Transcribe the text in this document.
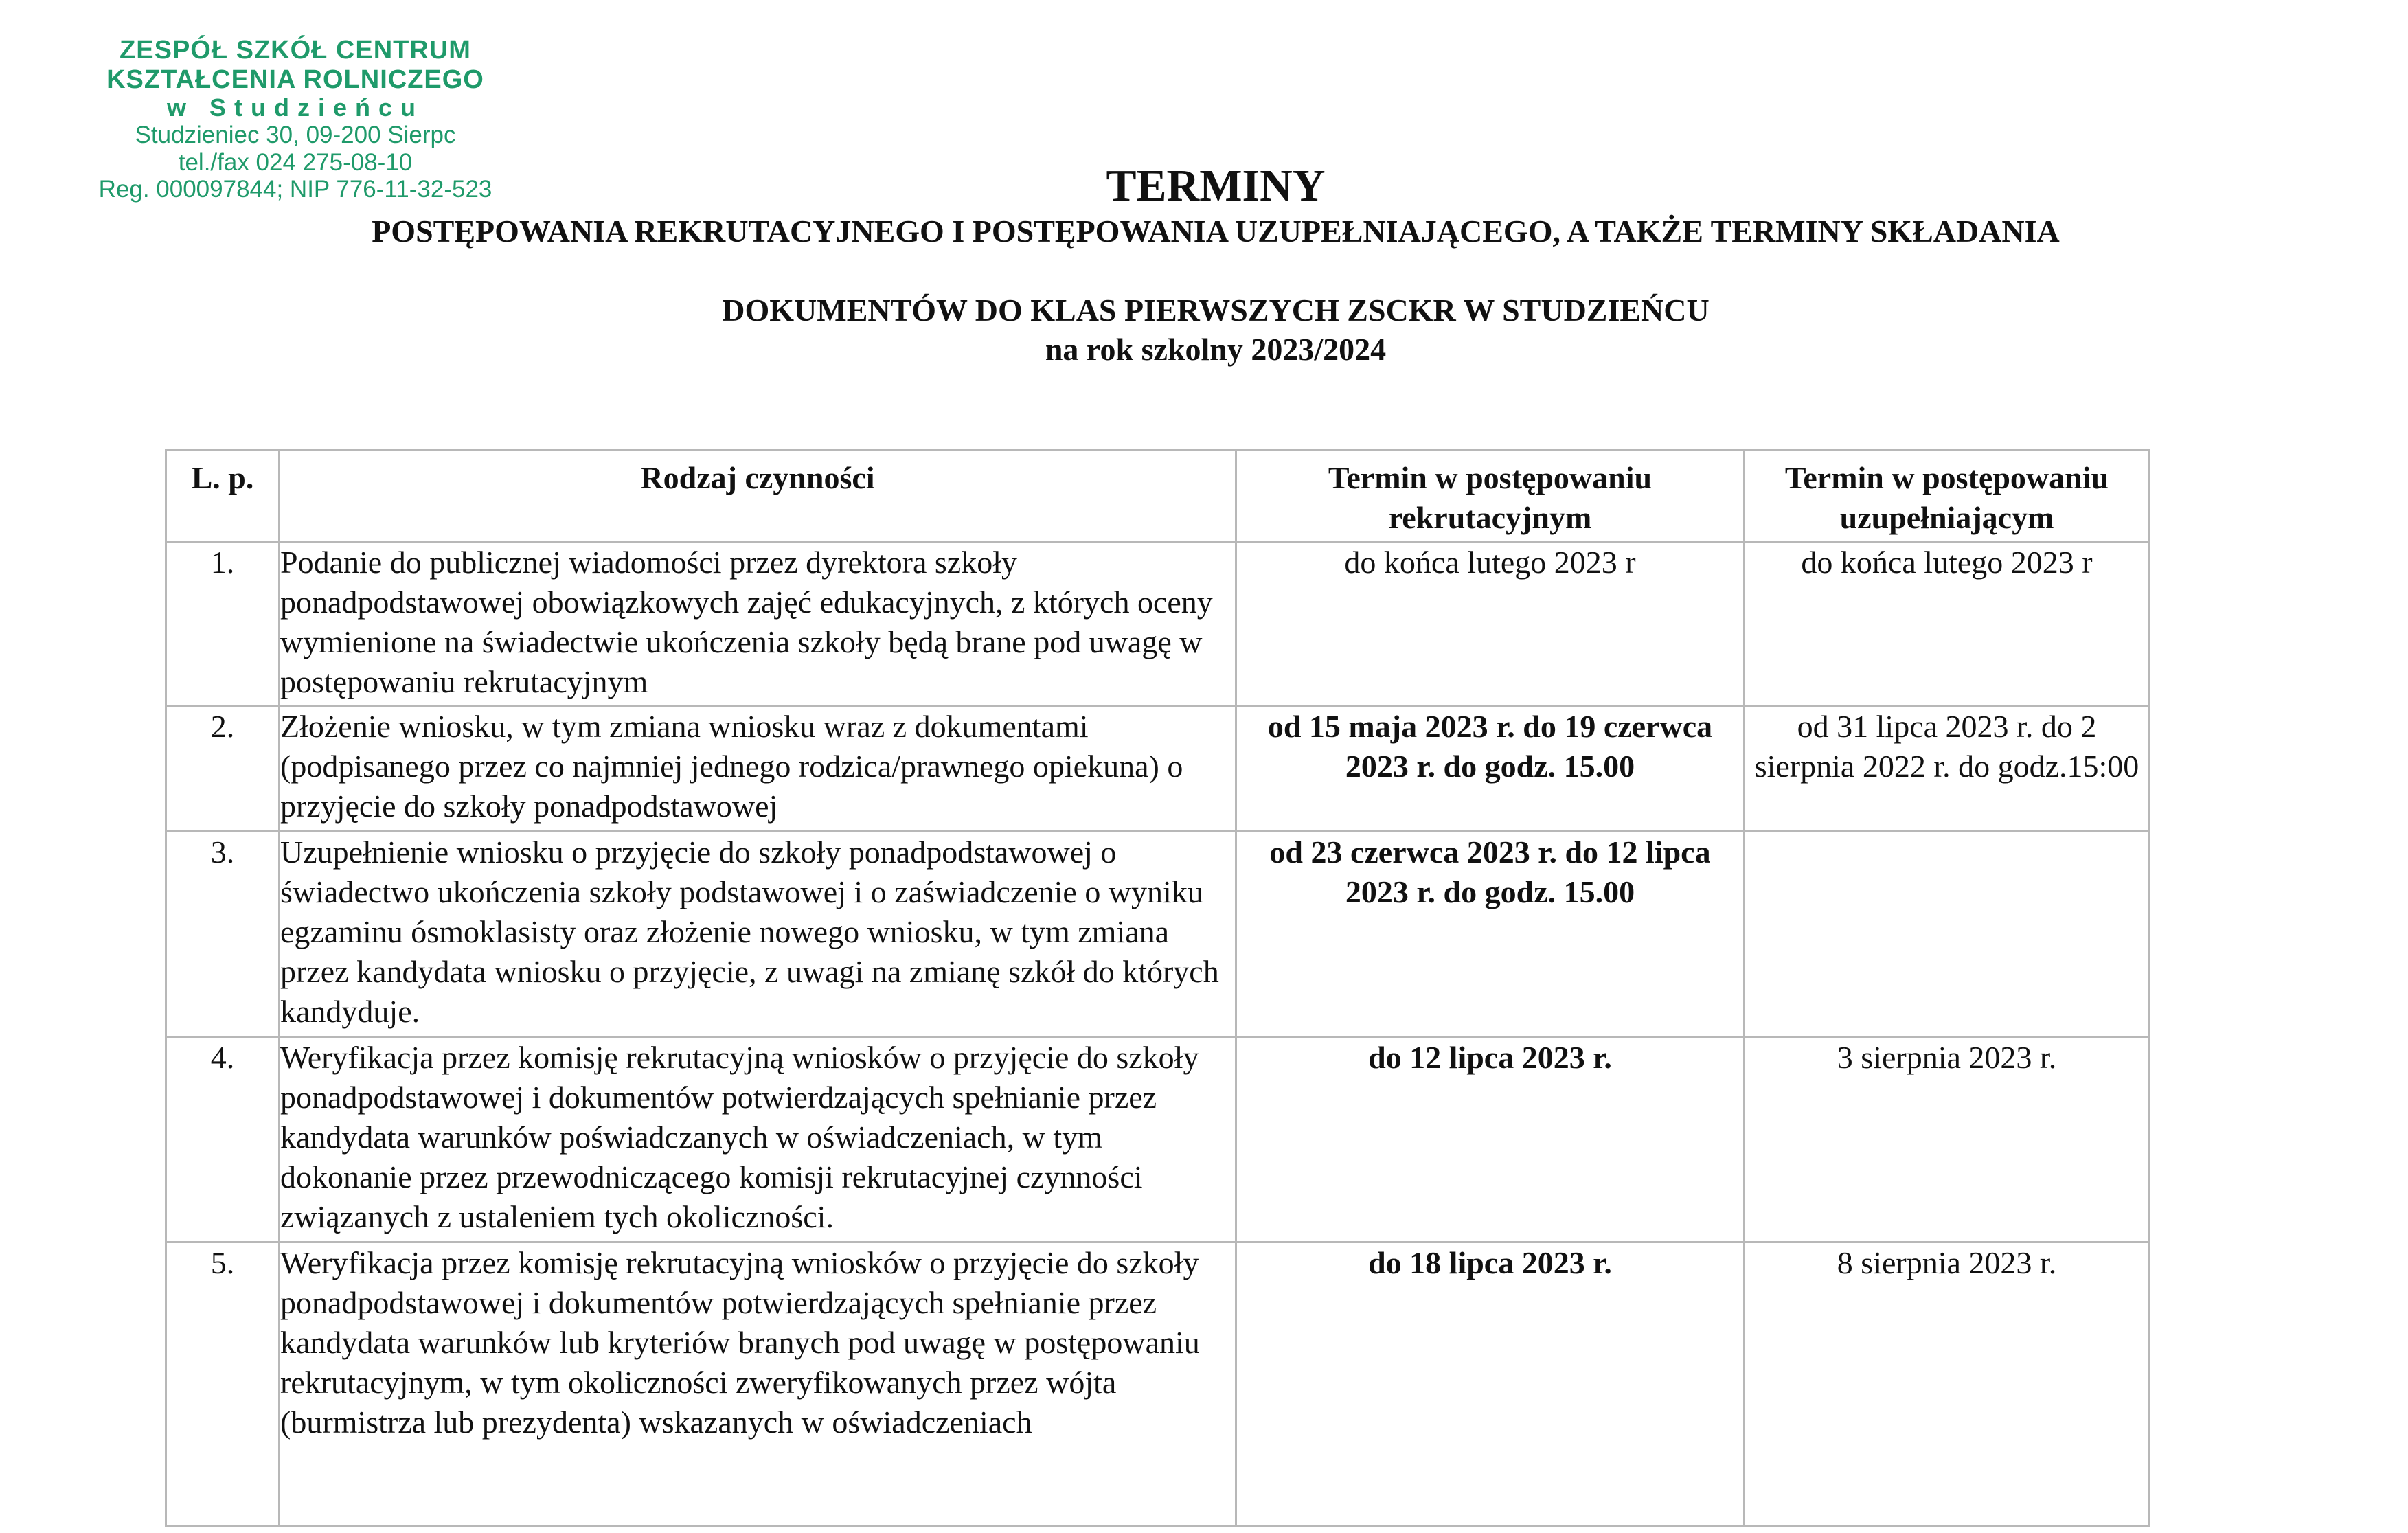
ZESPÓŁ SZKÓŁ CENTRUM
KSZTAŁCENIA ROLNICZEGO
w Studzieńcu
Studzieniec 30, 09-200 Sierpc
tel./fax 024 275-08-10
Reg. 000097844; NIP 776-11-32-523	TERMINY
POSTĘPOWANIA REKRUTACYJNEGO I POSTĘPOWANIA UZUPEŁNIAJĄCEGO, A TAKŻE TERMINY SKŁADANIA
DOKUMENTÓW DO KLAS PIERWSZYCH ZSCKR W STUDZIEŃCU
na rok szkolny 2023/2024
L. p.	Rodzaj czynności	Termin w postępowaniu rekrutacyjnym	Termin w postępowaniu uzupełniającym
1.	Podanie do publicznej wiadomości przez dyrektora szkoły ponadpodstawowej obowiązkowych zajęć edukacyjnych, z których oceny wymienione na świadectwie ukończenia szkoły będą brane pod uwagę w postępowaniu rekrutacyjnym	do końca lutego 2023 r	do końca lutego 2023 r
2.	Złożenie wniosku, w tym zmiana wniosku wraz z dokumentami (podpisanego przez co najmniej jednego rodzica/prawnego opiekuna) o przyjęcie do szkoły ponadpodstawowej	od 15 maja 2023 r. do 19 czerwca 2023 r. do godz. 15.00	od 31 lipca 2023 r. do 2 sierpnia 2022 r. do godz.15:00
3.	Uzupełnienie wniosku o przyjęcie do szkoły ponadpodstawowej o świadectwo ukończenia szkoły podstawowej i o zaświadczenie o wyniku egzaminu ósmoklasisty oraz złożenie nowego wniosku, w tym zmiana przez kandydata wniosku o przyjęcie, z uwagi na zmianę szkół do których kandyduje.	od 23 czerwca 2023 r. do 12 lipca 2023 r. do godz. 15.00	
4.	Weryfikacja przez komisję rekrutacyjną wniosków o przyjęcie do szkoły ponadpodstawowej i dokumentów potwierdzających spełnianie przez kandydata warunków poświadczanych w oświadczeniach, w tym dokonanie przez przewodniczącego komisji rekrutacyjnej czynności związanych z ustaleniem tych okoliczności.	do 12 lipca 2023 r.	3 sierpnia 2023 r.
5.	Weryfikacja przez komisję rekrutacyjną wniosków o przyjęcie do szkoły ponadpodstawowej i dokumentów potwierdzających spełnianie przez kandydata warunków lub kryteriów branych pod uwagę w postępowaniu rekrutacyjnym, w tym okoliczności zweryfikowanych przez wójta (burmistrza lub prezydenta) wskazanych w oświadczeniach	do 18 lipca 2023 r.	8 sierpnia 2023 r.
